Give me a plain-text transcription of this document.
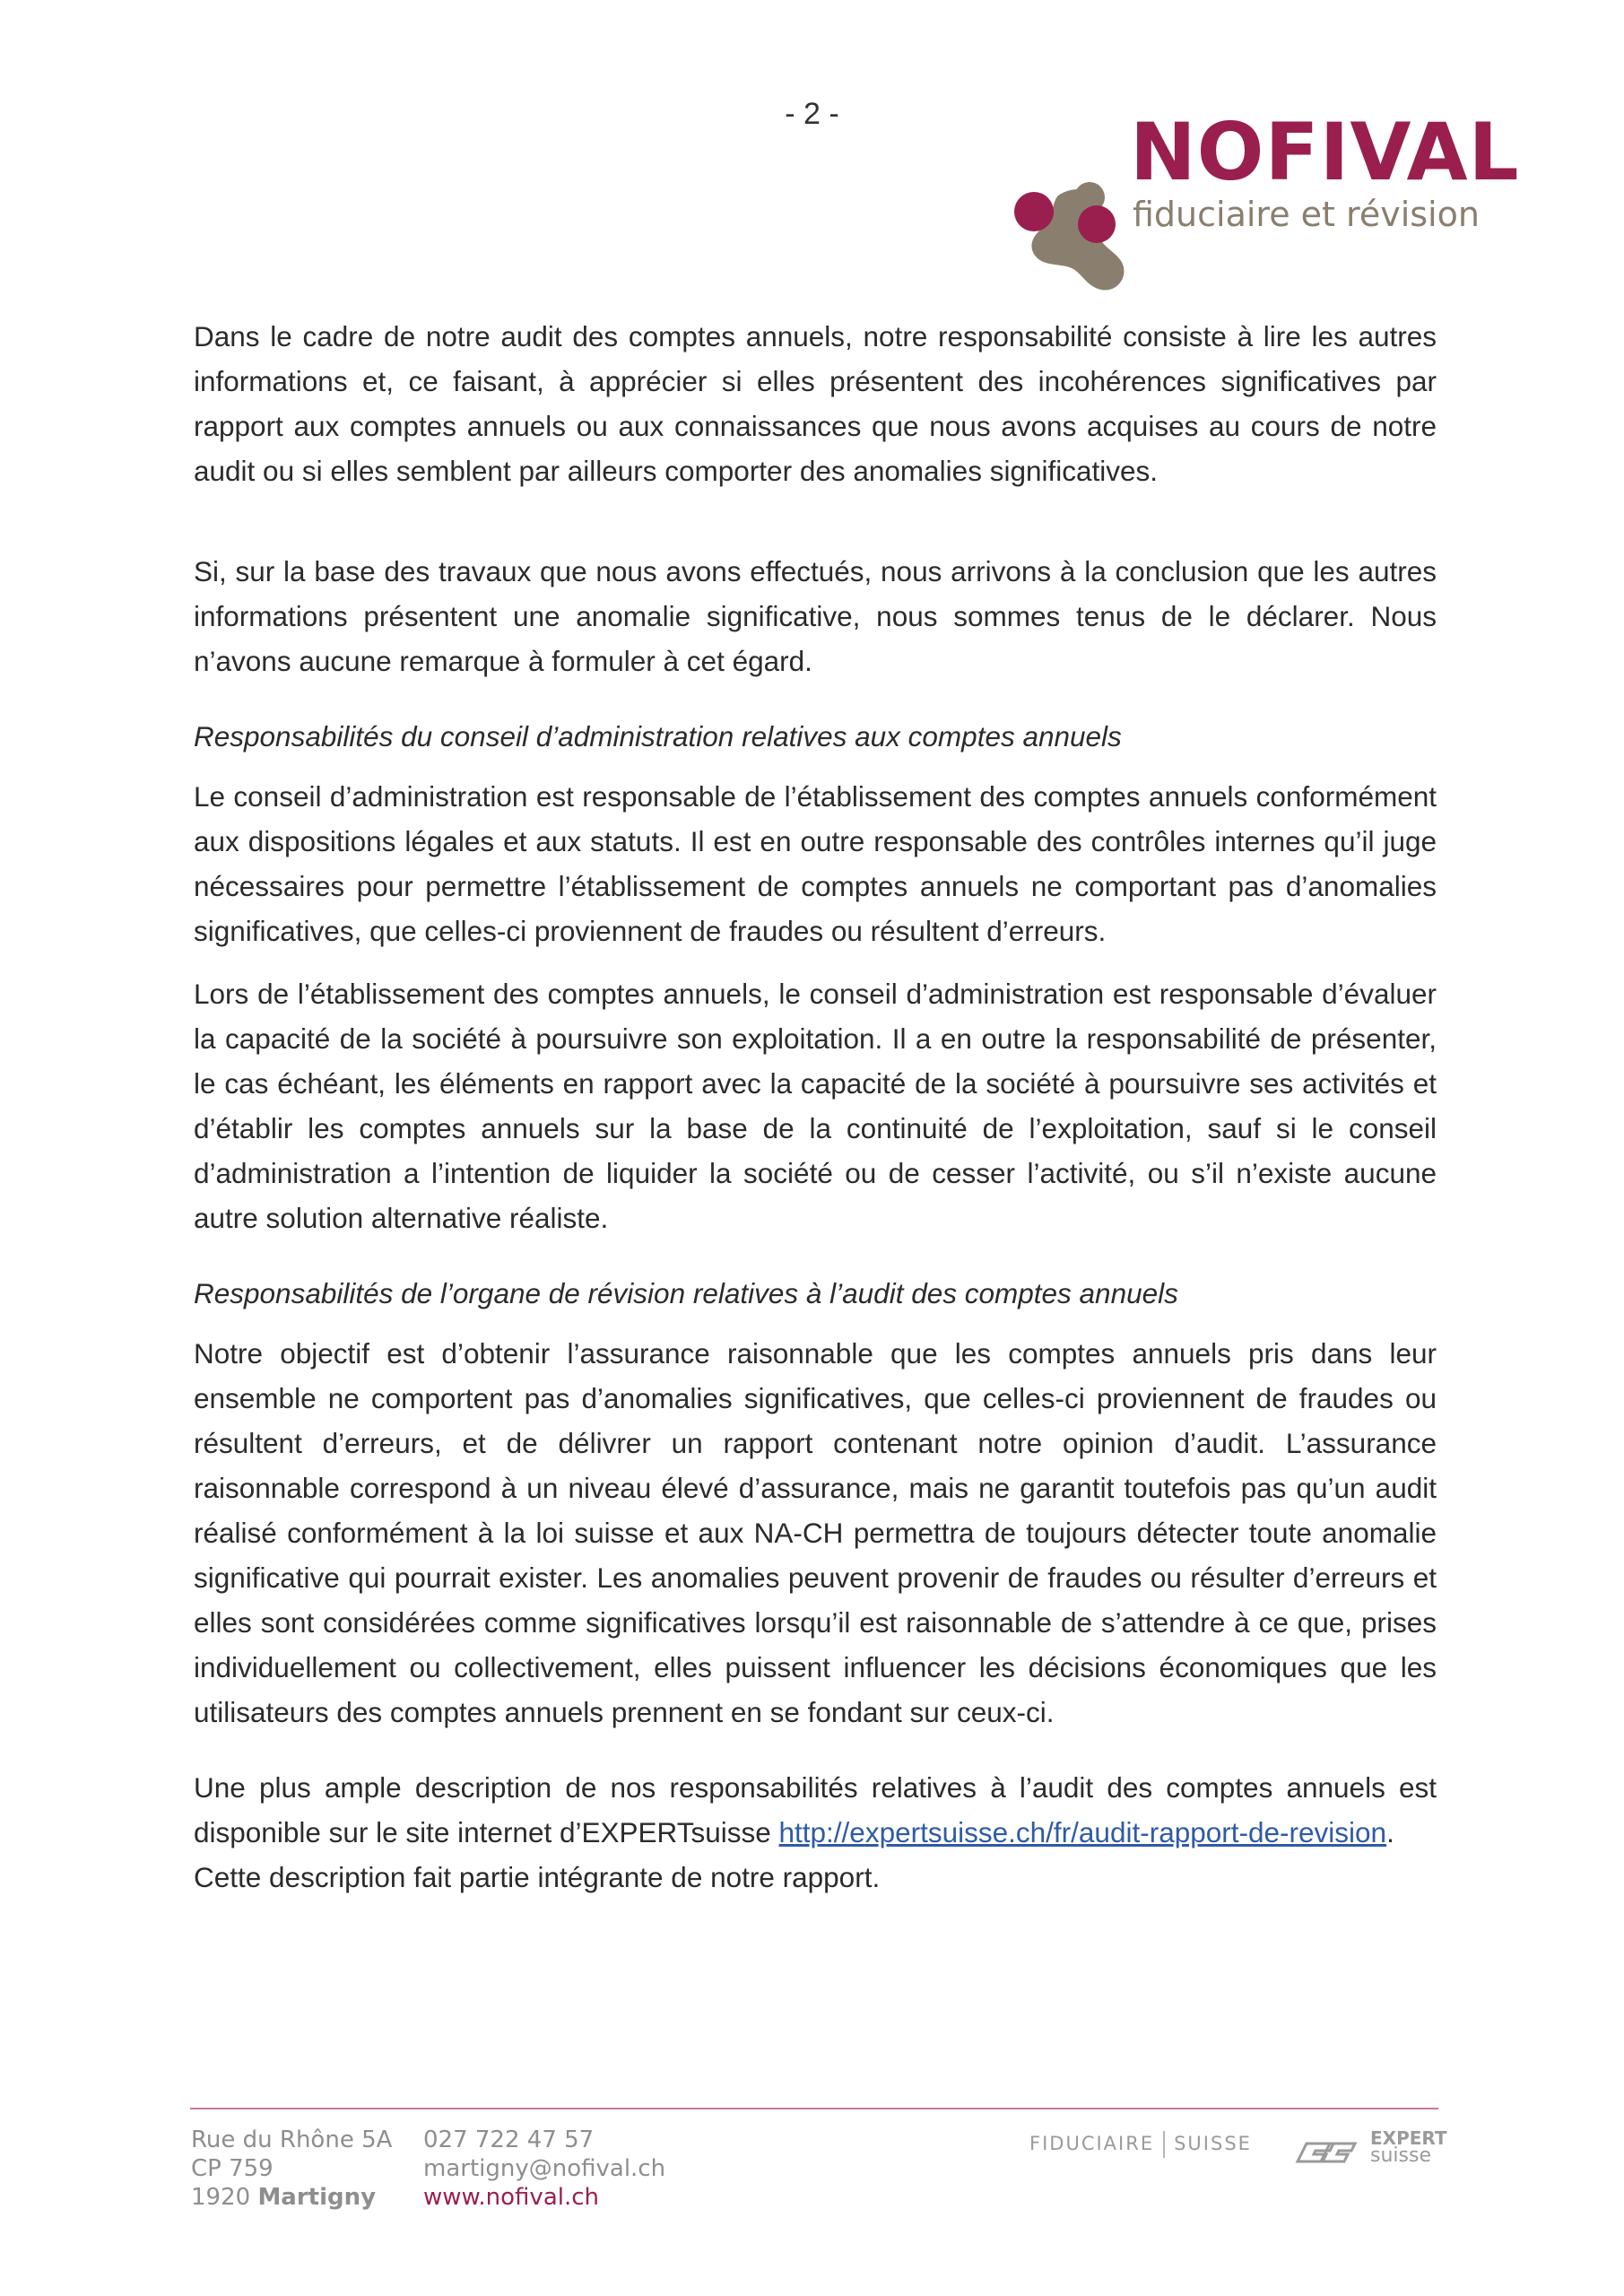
- 2 -	NOFIVAL
fiduciaire et révision

Dans le cadre de notre audit des comptes annuels, notre responsabilité consiste à lire les autres informations et, ce faisant, à apprécier si elles présentent des incohérences significatives par rapport aux comptes annuels ou aux connaissances que nous avons acquises au cours de notre audit ou si elles semblent par ailleurs comporter des anomalies significatives.

Si, sur la base des travaux que nous avons effectués, nous arrivons à la conclusion que les autres informations présentent une anomalie significative, nous sommes tenus de le déclarer. Nous n’avons aucune remarque à formuler à cet égard.

Responsabilités du conseil d’administration relatives aux comptes annuels

Le conseil d’administration est responsable de l’établissement des comptes annuels conformément aux dispositions légales et aux statuts. Il est en outre responsable des contrôles internes qu’il juge nécessaires pour permettre l’établissement de comptes annuels ne comportant pas d’anomalies significatives, que celles-ci proviennent de fraudes ou résultent d’erreurs.

Lors de l’établissement des comptes annuels, le conseil d’administration est responsable d’évaluer la capacité de la société à poursuivre son exploitation. Il a en outre la responsabilité de présenter, le cas échéant, les éléments en rapport avec la capacité de la société à poursuivre ses activités et d’établir les comptes annuels sur la base de la continuité de l’exploitation, sauf si le conseil d’administration a l’intention de liquider la société ou de cesser l’activité, ou s’il n’existe aucune autre solution alternative réaliste.

Responsabilités de l’organe de révision relatives à l’audit des comptes annuels

Notre objectif est d’obtenir l’assurance raisonnable que les comptes annuels pris dans leur ensemble ne comportent pas d’anomalies significatives, que celles-ci proviennent de fraudes ou résultent d’erreurs, et de délivrer un rapport contenant notre opinion d’audit. L’assurance raisonnable correspond à un niveau élevé d’assurance, mais ne garantit toutefois pas qu’un audit réalisé conformément à la loi suisse et aux NA-CH permettra de toujours détecter toute anomalie significative qui pourrait exister. Les anomalies peuvent provenir de fraudes ou résulter d’erreurs et elles sont considérées comme significatives lorsqu’il est raisonnable de s’attendre à ce que, prises individuellement ou collectivement, elles puissent influencer les décisions économiques que les utilisateurs des comptes annuels prennent en se fondant sur ceux-ci.

Une plus ample description de nos responsabilités relatives à l’audit des comptes annuels est disponible sur le site internet d’EXPERTsuisse http://expertsuisse.ch/fr/audit-rapport-de-revision.
Cette description fait partie intégrante de notre rapport.

Rue du Rhône 5A
CP 759
1920 Martigny
027 722 47 57
martigny@nofival.ch
www.nofival.ch
FIDUCIAIRE SUISSE	EXPERT
suisse
